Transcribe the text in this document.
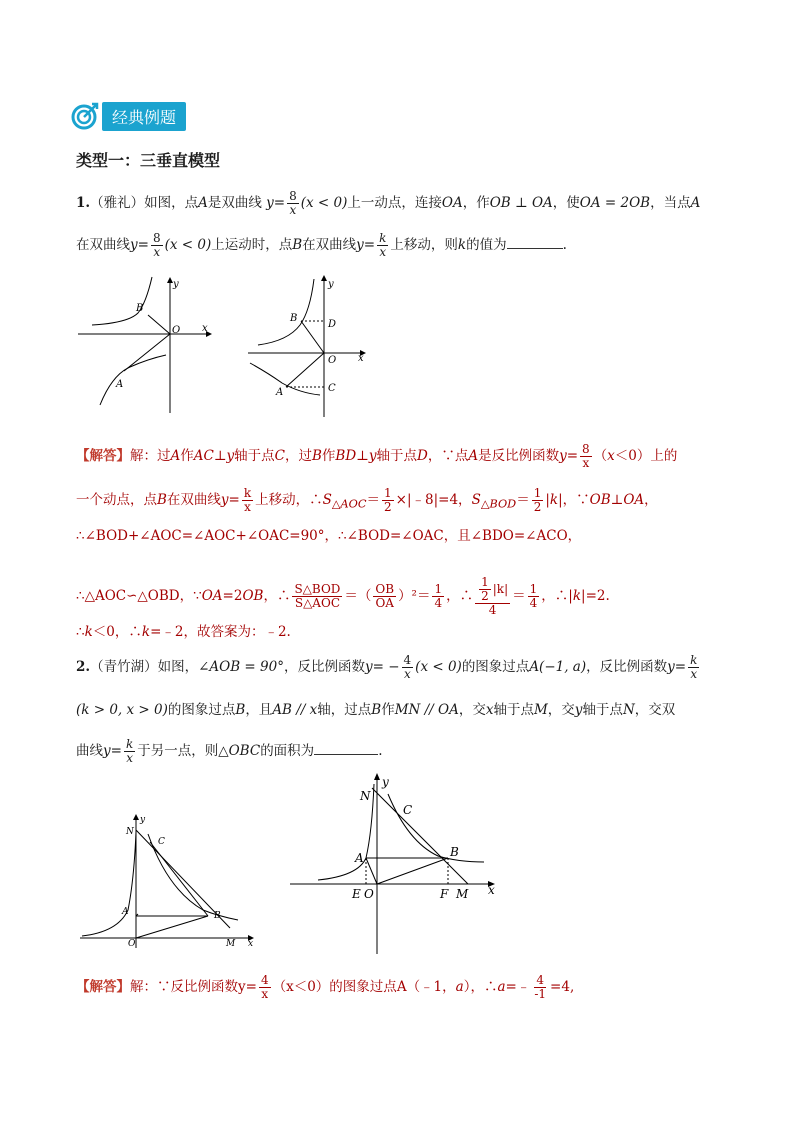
经典例题
类型一：三垂直模型
1.（雅礼）如图，点A是双曲线 $y= \frac{8}{x} (x < 0)$上一动点，连接OA，作OB ⊥ OA，使OA = 2OB，当点A
在双曲线$y= \frac{8}{x} (x < 0)$上运动时，点B在双曲线$y= \frac{k}{x}$ 上移动，则k的值为	.
B
A
O x
y
B
A
D
C
O x
y
【解答】解：过A作AC⊥y轴于点C，过B作BD⊥y轴于点D，∵点A是反比例函数$y= \frac{8}{x} (x<0)$上的
一个动点，点B在双曲线$y= \frac{k}{x}$ 上移动，$\therefore S_{\triangle AOC}= \frac{1}{2}$ ×|﹣8|=4，$S_{\triangle BOD}= \frac{1}{2} |k|$，∵OB⊥OA，
∴∠BOD+∠AOC=∠AOC+∠OAC=90°，∴∠BOD=∠OAC，且∠BDO=∠ACO，
∴△AOC∽△OBD，∵OA=2OB，∴ $\frac{\text{S△BOD}}{\text{S△AOC}}$ ＝（ $\frac{OB}{OA} )^2= \frac{1}{4}$ ，∴ $\frac{\frac{1}{2} |k|}{4} = \frac{1}{4}$ ，∴|k|=2.
∴k＜0，∴k=﹣2，故答案为：﹣2.
2.（青竹湖）如图，∠AOB = 90°，反比例函数$y= - \frac{4}{x} (x < 0)$的图象过点A(−1, a)，反比例函数$y= \frac{k}{x}$
(k > 0, x > 0)的图象过点B，且AB // x轴，过点B作MN // OA，交x轴于点M，交y轴于点N，交双
曲线$y= \frac{k}{x}$ 于另一点，则△OBC的面积为	.
N
C
A	B
O	M x
y
N
C
A	B
E O	F M x
y
【解答】解：∵反比例函数$y= \frac{4}{x} (x<0)$的图象过点A（﹣1，a），∴a=﹣ $\frac{4}{-1} =4$,
